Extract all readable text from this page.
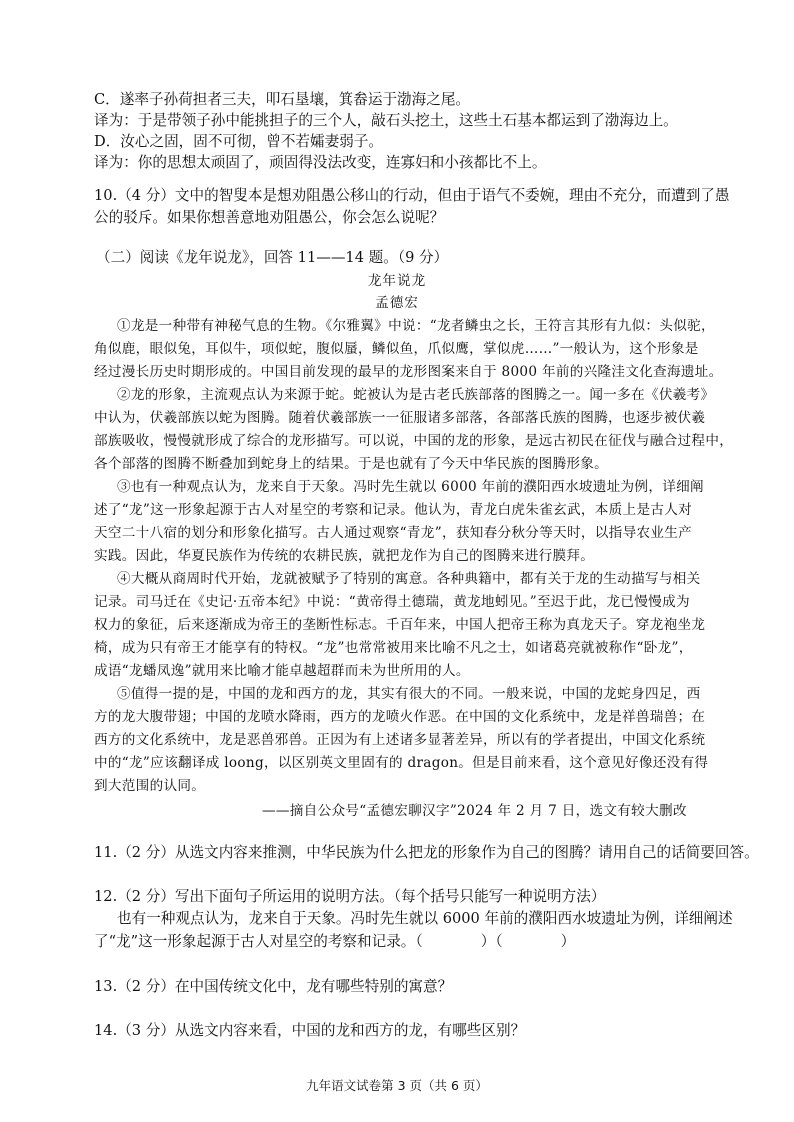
C．遂率子孙荷担者三夫，叩石垦壤，箕畚运于渤海之尾。
译为：于是带领子孙中能挑担子的三个人，敲石头挖土，这些土石基本都运到了渤海边上。
D．汝心之固，固不可彻，曾不若孀妻弱子。
译为：你的思想太顽固了，顽固得没法改变，连寡妇和小孩都比不上。
10.（4 分）文中的智叟本是想劝阻愚公移山的行动，但由于语气不委婉，理由不充分，而遭到了愚
公的驳斥。如果你想善意地劝阻愚公，你会怎么说呢？
（二）阅读《龙年说龙》，回答 11——14 题。（9 分）
龙年说龙
孟德宏
①龙是一种带有神秘气息的生物。《尔雅翼》中说：“龙者鳞虫之长，王符言其形有九似：头似驼，
角似鹿，眼似兔，耳似牛，项似蛇，腹似蜃，鳞似鱼，爪似鹰，掌似虎……”一般认为，这个形象是
经过漫长历史时期形成的。中国目前发现的最早的龙形图案来自于 8000 年前的兴隆洼文化查海遗址。
②龙的形象，主流观点认为来源于蛇。蛇被认为是古老氏族部落的图腾之一。闻一多在《伏羲考》
中认为，伏羲部族以蛇为图腾。随着伏羲部族一一征服诸多部落，各部落氏族的图腾，也逐步被伏羲
部族吸收，慢慢就形成了综合的龙形描写。可以说，中国的龙的形象，是远古初民在征伐与融合过程中，
各个部落的图腾不断叠加到蛇身上的结果。于是也就有了今天中华民族的图腾形象。
③也有一种观点认为，龙来自于天象。冯时先生就以 6000 年前的濮阳西水坡遗址为例，详细阐
述了“龙”这一形象起源于古人对星空的考察和记录。他认为，青龙白虎朱雀玄武，本质上是古人对
天空二十八宿的划分和形象化描写。古人通过观察“青龙”，获知春分秋分等天时，以指导农业生产
实践。因此，华夏民族作为传统的农耕民族，就把龙作为自己的图腾来进行膜拜。
④大概从商周时代开始，龙就被赋予了特别的寓意。各种典籍中，都有关于龙的生动描写与相关
记录。司马迁在《史记·五帝本纪》中说：“黄帝得土德瑞，黄龙地蚓见。”至迟于此，龙已慢慢成为
权力的象征，后来逐渐成为帝王的垄断性标志。千百年来，中国人把帝王称为真龙天子。穿龙袍坐龙
椅，成为只有帝王才能享有的特权。“龙”也常常被用来比喻不凡之士，如诸葛亮就被称作“卧龙”，
成语“龙蟠凤逸”就用来比喻才能卓越超群而未为世所用的人。
⑤值得一提的是，中国的龙和西方的龙，其实有很大的不同。一般来说，中国的龙蛇身四足，西
方的龙大腹带翅；中国的龙喷水降雨，西方的龙喷火作恶。在中国的文化系统中，龙是祥兽瑞兽；在
西方的文化系统中，龙是恶兽邪兽。正因为有上述诸多显著差异，所以有的学者提出，中国文化系统
中的“龙”应该翻译成 loong，以区别英文里固有的 dragon。但是目前来看，这个意见好像还没有得
到大范围的认同。
——摘自公众号“孟德宏聊汉字”2024 年 2 月 7 日，选文有较大删改
11.（2 分）从选文内容来推测，中华民族为什么把龙的形象作为自己的图腾？请用自己的话简要回答。
12.（2 分）写出下面句子所运用的说明方法。（每个括号只能写一种说明方法）
也有一种观点认为，龙来自于天象。冯时先生就以 6000 年前的濮阳西水坡遗址为例，详细阐述
了“龙”这一形象起源于古人对星空的考察和记录。（	）（	）
13.（2 分）在中国传统文化中，龙有哪些特别的寓意？
14.（3 分）从选文内容来看，中国的龙和西方的龙，有哪些区别？
九年语文试卷第 3 页（共 6 页）
